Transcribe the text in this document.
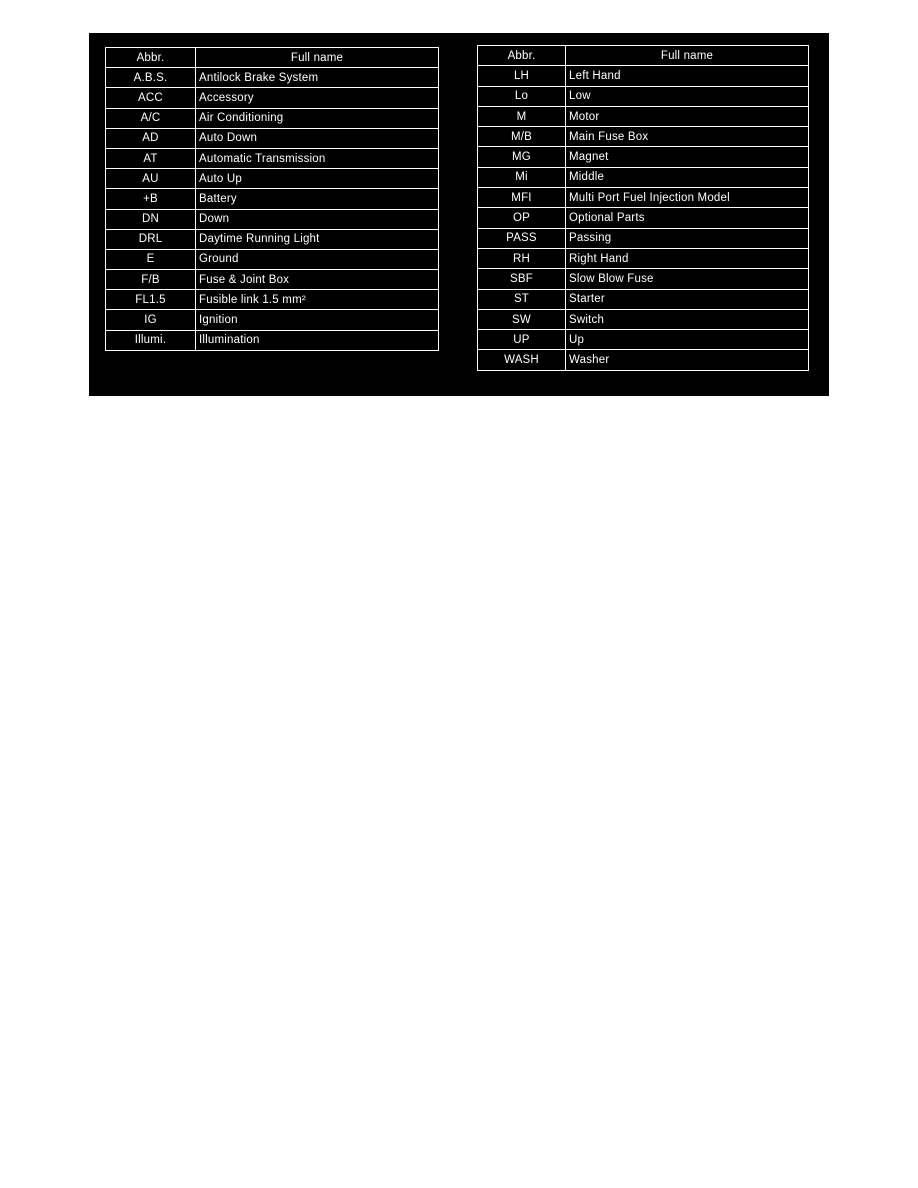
Abbr.	Full name
A.B.S.	Antilock Brake System
ACC	Accessory
A/C	Air Conditioning
AD	Auto Down
AT	Automatic Transmission
AU	Auto Up
+B	Battery
DN	Down
DRL	Daytime Running Light
E	Ground
F/B	Fuse & Joint Box
FL1.5	Fusible link 1.5 mm²
IG	Ignition
Illumi.	Illumination
Abbr.	Full name
LH	Left Hand
Lo	Low
M	Motor
M/B	Main Fuse Box
MG	Magnet
Mi	Middle
MFI	Multi Port Fuel Injection Model
OP	Optional Parts
PASS	Passing
RH	Right Hand
SBF	Slow Blow Fuse
ST	Starter
SW	Switch
UP	Up
WASH	Washer
